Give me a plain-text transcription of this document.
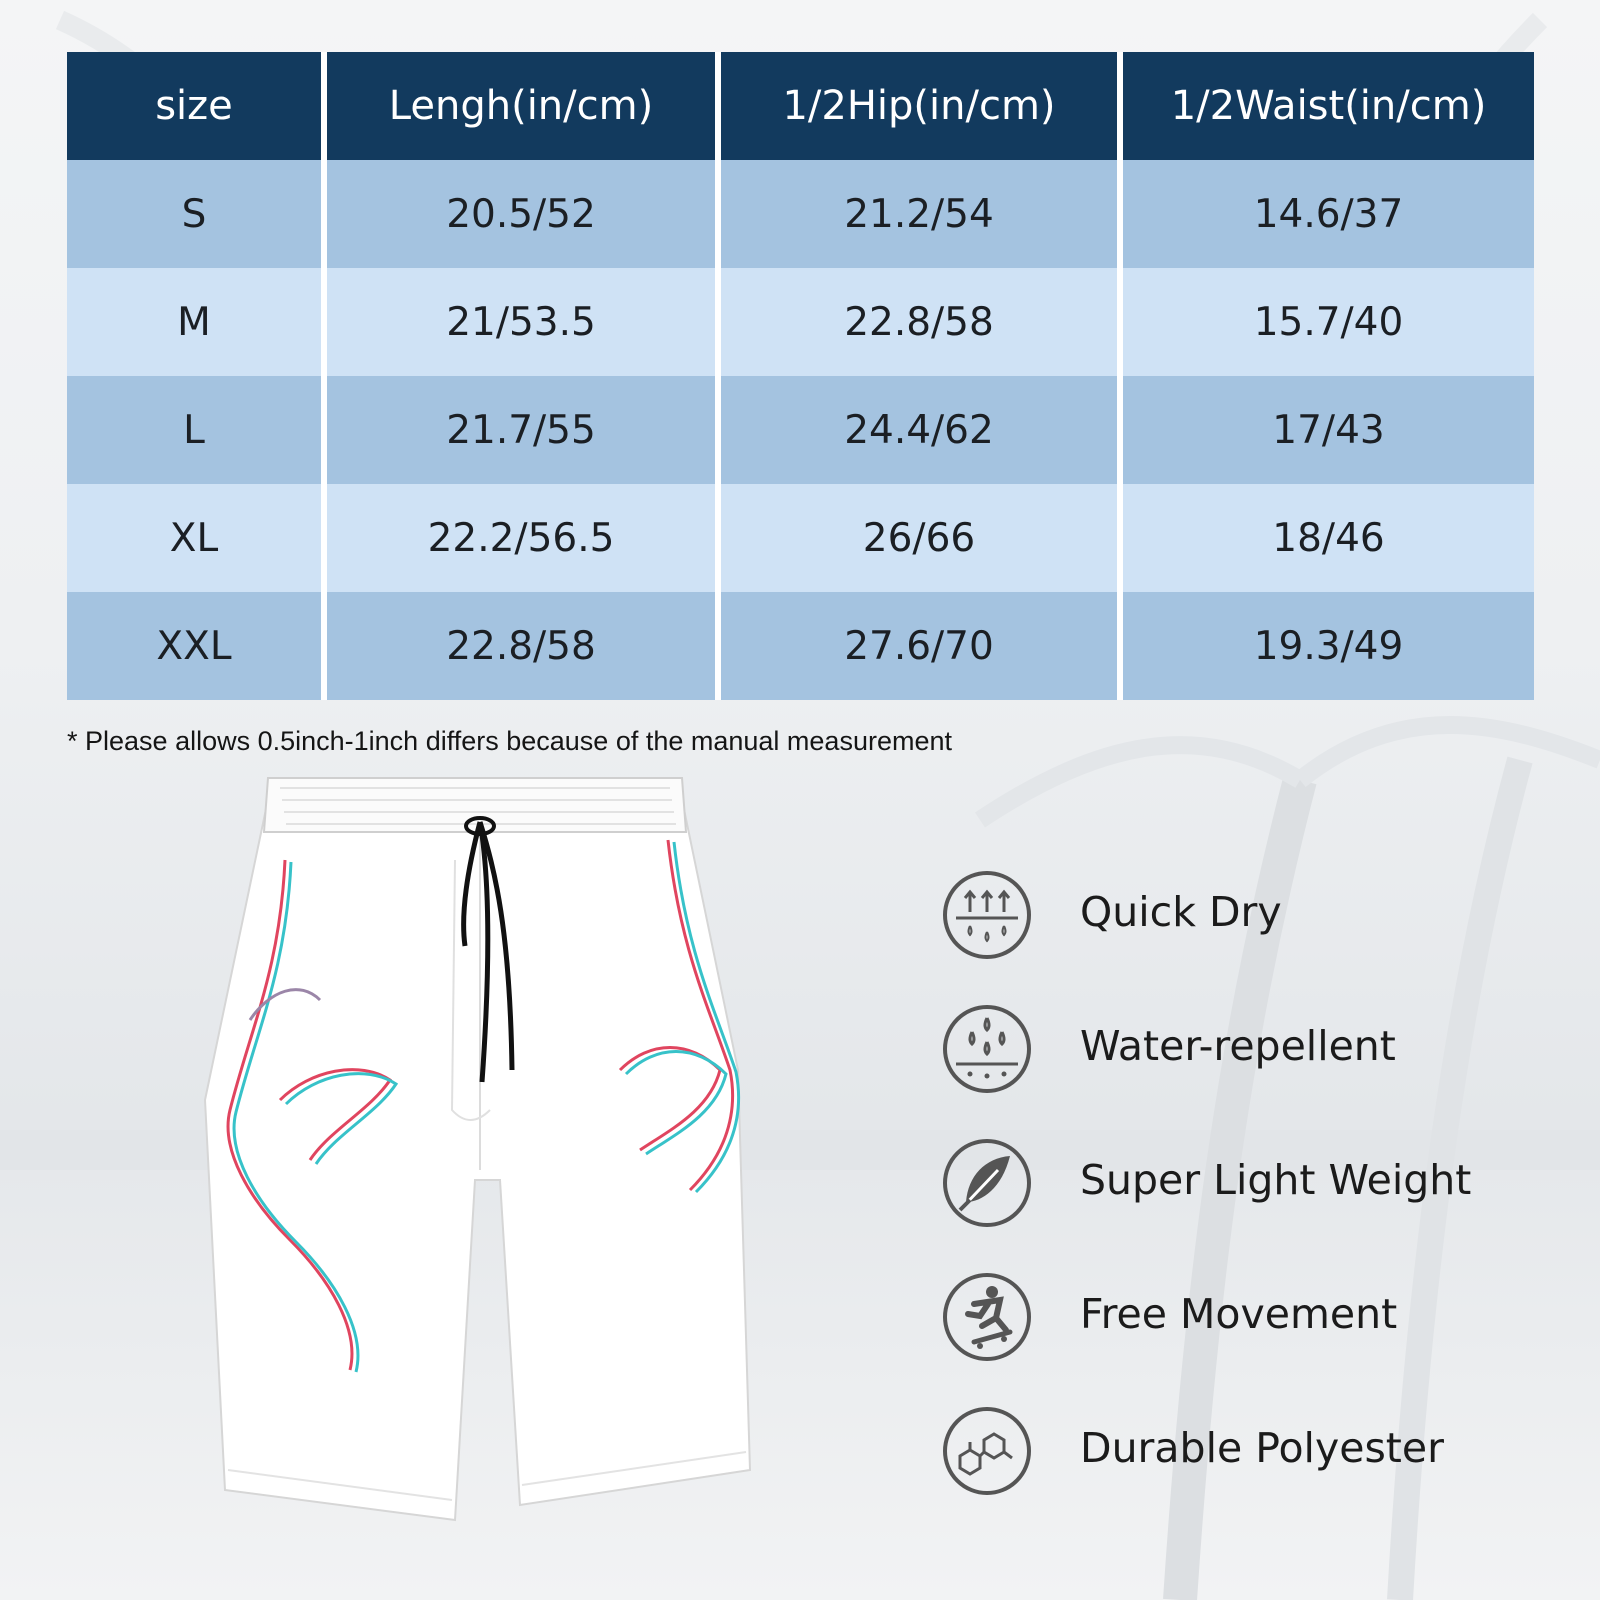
size	Lengh(in/cm)	1/2Hip(in/cm)	1/2Waist(in/cm)
S	20.5/52	21.2/54	14.6/37
M	21/53.5	22.8/58	15.7/40
L	21.7/55	24.4/62	17/43
XL	22.2/56.5	26/66	18/46
XXL	22.8/58	27.6/70	19.3/49

* Please allows 0.5inch-1inch differs because of the manual measurement

Quick Dry
Water-repellent
Super Light Weight
Free Movement
Durable Polyester
